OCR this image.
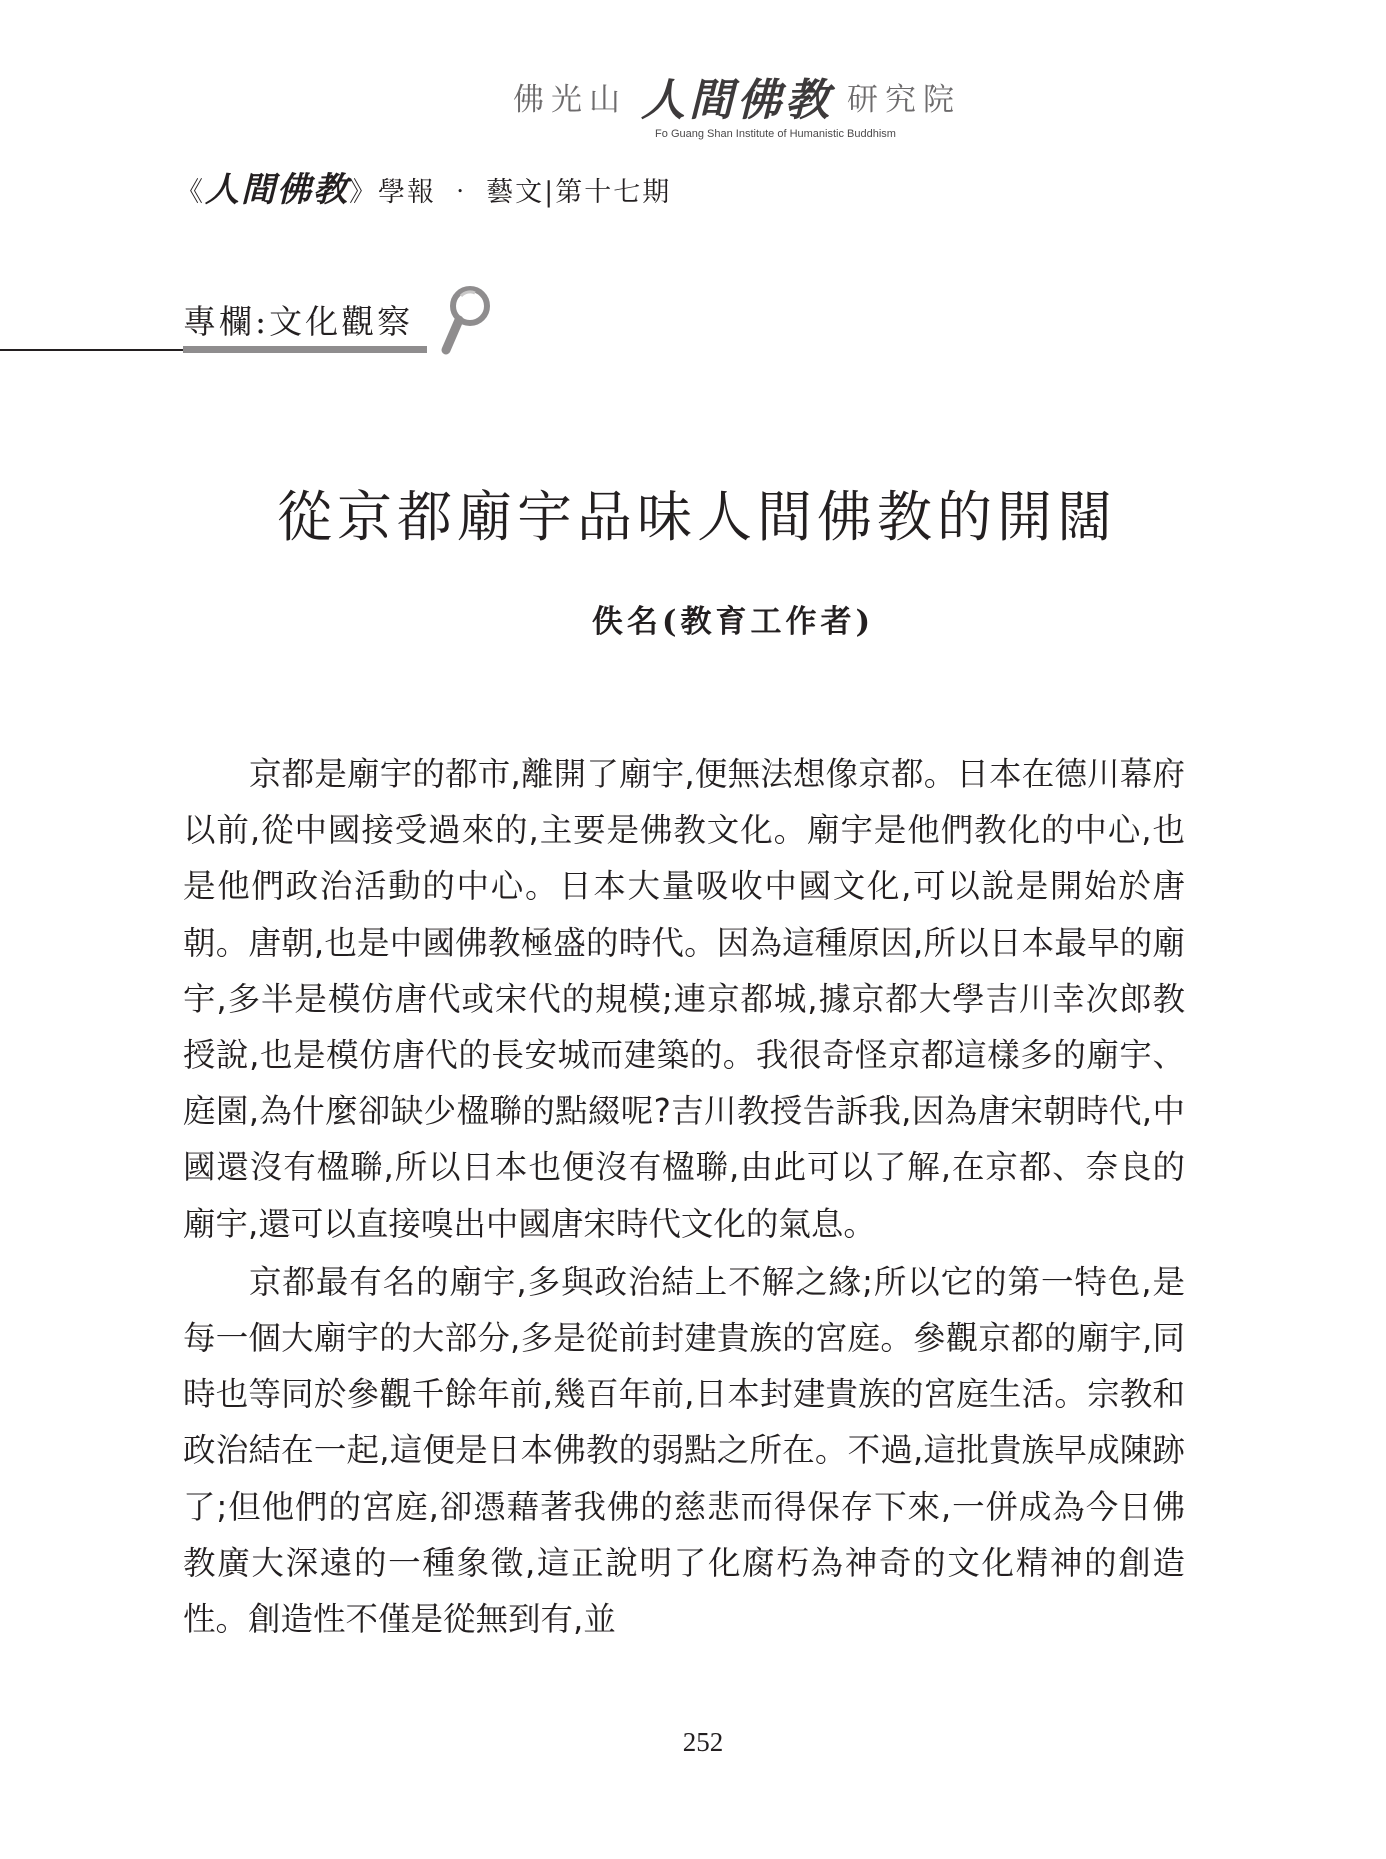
佛光山 人間佛教 研究院
Fo Guang Shan Institute of Humanistic Buddhism
《 人間佛教 》學報 ‧ 藝文|第十七期
專欄:文化觀察
從京都廟宇品味人間佛教的開闊
佚名(教育工作者)

京都是廟宇的都市,離開了廟宇,便無法想像京都。日本在德川幕府以前,從中國接受過來的,主要是佛教文化。廟宇是他們教化的中心,也是他們政治活動的中心。日本大量吸收中國文化,可以說是開始於唐朝。唐朝,也是中國佛教極盛的時代。因為這種原因,所以日本最早的廟宇,多半是模仿唐代或宋代的規模;連京都城,據京都大學吉川幸次郎教授說,也是模仿唐代的長安城而建築的。我很奇怪京都這樣多的廟宇、庭園,為什麼卻缺少楹聯的點綴呢?吉川教授告訴我,因為唐宋朝時代,中國還沒有楹聯,所以日本也便沒有楹聯,由此可以了解,在京都、奈良的廟宇,還可以直接嗅出中國唐宋時代文化的氣息。

京都最有名的廟宇,多與政治結上不解之緣;所以它的第一特色,是每一個大廟宇的大部分,多是從前封建貴族的宮庭。參觀京都的廟宇,同時也等同於參觀千餘年前,幾百年前,日本封建貴族的宮庭生活。宗教和政治結在一起,這便是日本佛教的弱點之所在。不過,這批貴族早成陳跡了;但他們的宮庭,卻憑藉著我佛的慈悲而得保存下來,一併成為今日佛教廣大深遠的一種象徵,這正說明了化腐朽為神奇的文化精神的創造性。創造性不僅是從無到有,並

252
